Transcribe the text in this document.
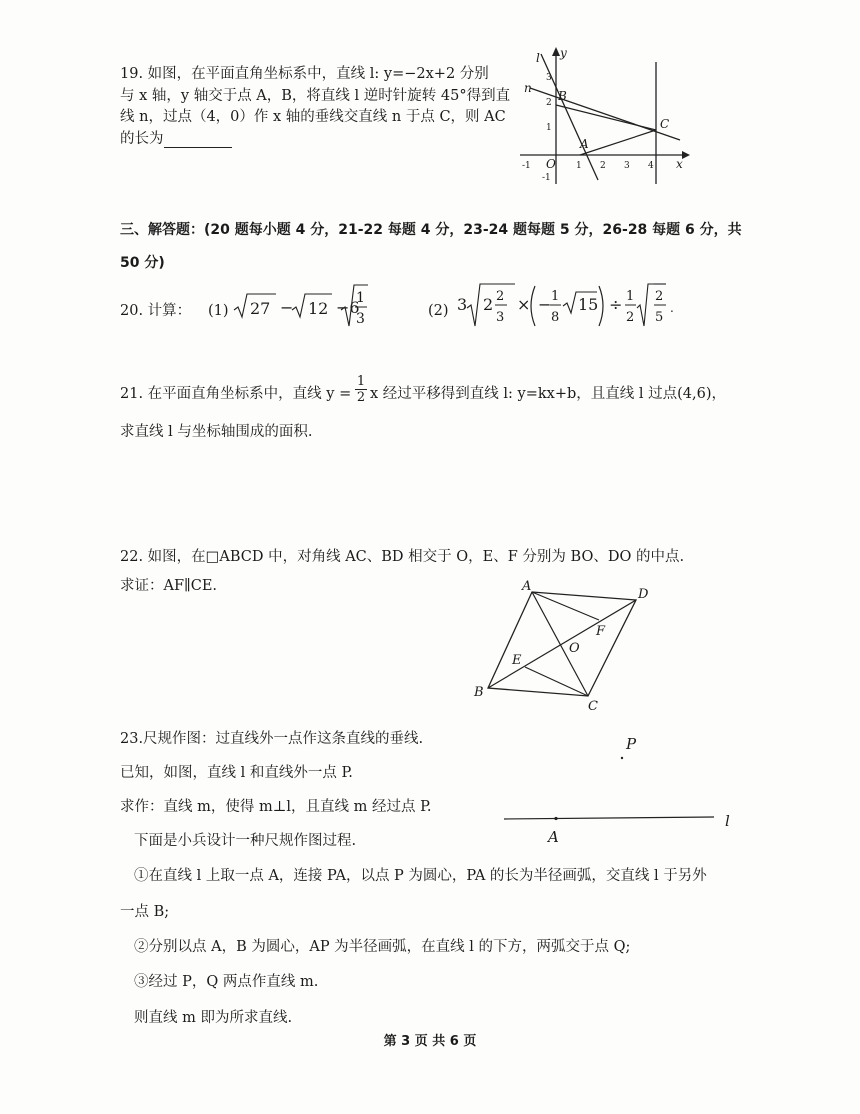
19. 如图，在平面直角坐标系中，直线 l: y=−2x+2 分别
与 x 轴，y 轴交于点 A，B，将直线 l 逆时针旋转 45°得到直
线 n，过点（4，0）作 x 轴的垂线交直线 n 于点 C，则 AC
的长为
l y
n
B
C
A
O	x
-1	1 2 3 4
3
2
1
-1
三、解答题：(20 题每小题 4 分，21-22 每题 4 分，23-24 题每题 5 分，26-28 每题 6 分，共
50 分)
20. 计算： (1) 27 − 12 −6
1
3	(2) 3 2 2
3
× − 1
8
15 ÷ 1
2
2
5
.
21. 在平面直角坐标系中，直线 $y = \frac{1}{2}$ x 经过平移得到直线 l: y=kx+b，且直线 l 过点(4,6)，
求直线 l 与坐标轴围成的面积.
22. 如图，在□ABCD 中，对角线 AC、BD 相交于 O，E、F 分别为 BO、DO 的中点.
求证：AF∥CE.	A
D
F
O
E
B
C
23.尺规作图：过直线外一点作这条直线的垂线.
已知，如图，直线 l 和直线外一点 P.
求作：直线 m，使得 m⊥l，且直线 m 经过点 P.
下面是小兵设计一种尺规作图过程.
①在直线 l 上取一点 A，连接 PA，以点 P 为圆心，PA 的长为半径画弧，交直线 l 于另外
一点 B;
②分别以点 A，B 为圆心，AP 为半径画弧，在直线 l 的下方，两弧交于点 Q;
③经过 P，Q 两点作直线 m.
则直线 m 即为所求直线.
P
l
A
第 3 页 共 6 页
